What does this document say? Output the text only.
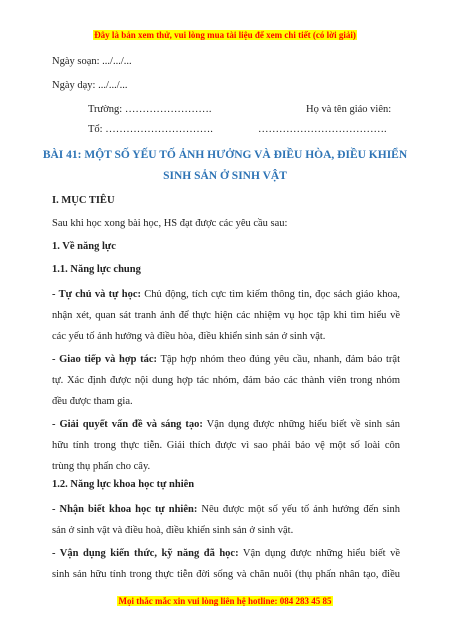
Đây là bản xem thử, vui lòng mua tài liệu để xem chi tiết (có lời giải)
Ngày soạn: .../.../...
Ngày dạy: .../.../...
Trường: …………………….	Họ và tên giáo viên:
Tổ: ………………………….	……………………………….
BÀI 41: MỘT SỐ YẾU TỐ ẢNH HƯỞNG VÀ ĐIỀU HÒA, ĐIỀU KHIỂN
SINH SẢN Ở SINH VẬT
I. MỤC TIÊU
Sau khi học xong bài học, HS đạt được các yêu cầu sau:
1. Về năng lực
1.1. Năng lực chung
- Tự chủ và tự học: Chủ động, tích cực tìm kiếm thông tin, đọc sách giáo khoa,
nhận xét, quan sát tranh ảnh để thực hiện các nhiệm vụ học tập khi tìm hiểu về
các yếu tố ảnh hưởng và điều hòa, điều khiển sinh sản ở sinh vật.
- Giao tiếp và hợp tác: Tập hợp nhóm theo đúng yêu cầu, nhanh, đảm bảo trật
tự. Xác định được nội dung hợp tác nhóm, đảm bảo các thành viên trong nhóm
đều được tham gia.
- Giải quyết vấn đề và sáng tạo: Vận dụng được những hiểu biết về sinh sản
hữu tính trong thực tiễn. Giải thích được vì sao phải bảo vệ một số loài côn
trùng thụ phấn cho cây.
1.2. Năng lực khoa học tự nhiên
- Nhận biết khoa học tự nhiên: Nêu được một số yếu tố ảnh hưởng đến sinh
sản ở sinh vật và điều hoà, điều khiển sinh sản ở sinh vật.
- Vận dụng kiến thức, kỹ năng đã học: Vận dụng được những hiểu biết về
sinh sản hữu tính trong thực tiễn đời sống và chăn nuôi (thụ phấn nhân tạo, điều
Mọi thắc mắc xin vui lòng liên hệ hotline: 084 283 45 85
